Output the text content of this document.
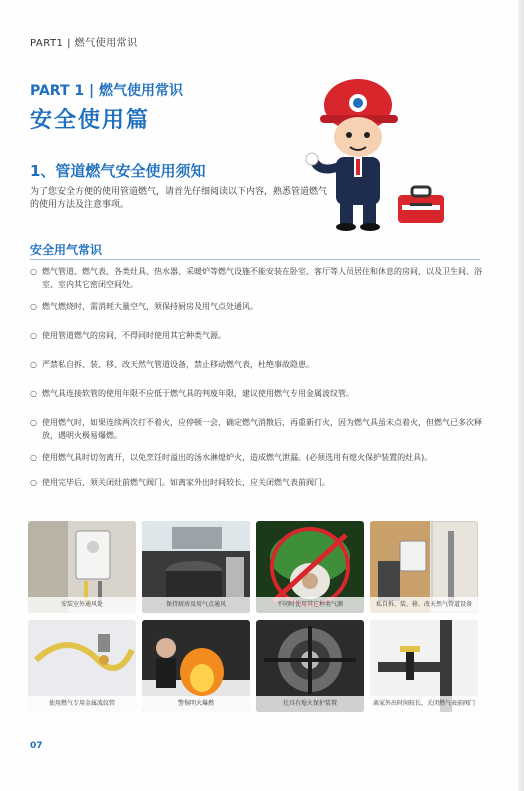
PART1 | 燃气使用常识
PART 1 | 燃气使用常识
安全使用篇
1、管道燃气安全使用须知
为了您安全方便的使用管道燃气，请首先仔细阅读以下内容，熟悉管道燃气的使用方法及注意事项。
安全用气常识
○ 燃气管道、燃气表、各类灶具、热水器、采暖炉等燃气设施不能安装在卧室、客厅等人员居住和休息的房间，以及卫生间、浴室、室内其它密闭空间处。
○ 燃气燃烧时，需消耗大量空气，须保持厨房及用气点处通风。
○ 使用管道燃气的房间，不得同时使用其它种类气源。
○ 严禁私自拆、装、移、改天然气管道设备，禁止移动燃气表，杜绝事故隐患。
○ 燃气具连接软管的使用年限不应低于燃气具的判废年限，建议使用燃气专用金属波纹管。
○ 使用燃气时，如果连续两次打不着火，应停顿一会，确定燃气消散后，再重新打火，因为燃气具虽未点着火，但燃气已多次释放，遇明火极易爆燃。
○ 使用燃气具时切勿离开，以免烹饪时溢出的汤水淋熄炉火，造成燃气泄漏。(必须选用有熄火保护装置的灶具)。
○ 使用完毕后，须关闭灶前燃气阀门。如离家外出时间较长，应关闭燃气表前阀门。
安装室外通风处	保持厨房及用气点通风	不同时使用其它种类气源	私自拆、装、移、改天然气管道设备
使用燃气专用金属波纹管	警惕明火爆燃	灶具有熄火保护装置	离家外出时间较长，关闭燃气表前阀门
07
